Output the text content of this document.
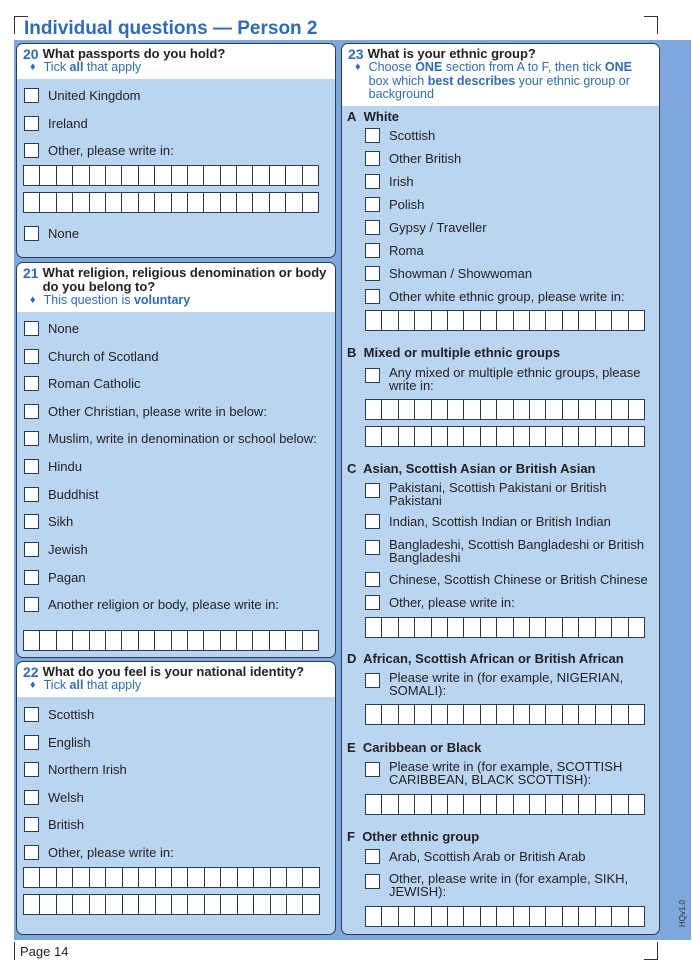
Individual questions — Person 2
20 What passports do you hold?
♦ Tick all that apply
United Kingdom
Ireland
Other, please write in:
None
21 What religion, religious denomination or body do you belong to?
♦ This question is voluntary
None
Church of Scotland
Roman Catholic
Other Christian, please write in below:
Muslim, write in denomination or school below:
Hindu
Buddhist
Sikh
Jewish
Pagan
Another religion or body, please write in:
22 What do you feel is your national identity?
♦ Tick all that apply
Scottish
English
Northern Irish
Welsh
British
Other, please write in:
23 What is your ethnic group?
♦ Choose ONE section from A to F, then tick ONE box which best describes your ethnic group or background
A White
Scottish
Other British
Irish
Polish
Gypsy / Traveller
Roma
Showman / Showwoman
Other white ethnic group, please write in:
B Mixed or multiple ethnic groups
Any mixed or multiple ethnic groups, please write in:
C Asian, Scottish Asian or British Asian
Pakistani, Scottish Pakistani or British Pakistani
Indian, Scottish Indian or British Indian
Bangladeshi, Scottish Bangladeshi or British Bangladeshi
Chinese, Scottish Chinese or British Chinese
Other, please write in:
D African, Scottish African or British African
Please write in (for example, NIGERIAN, SOMALI):
E Caribbean or Black
Please write in (for example, SCOTTISH CARIBBEAN, BLACK SCOTTISH):
F Other ethnic group
Arab, Scottish Arab or British Arab
Other, please write in (for example, SIKH, JEWISH):
HQv1.0
Page 14
